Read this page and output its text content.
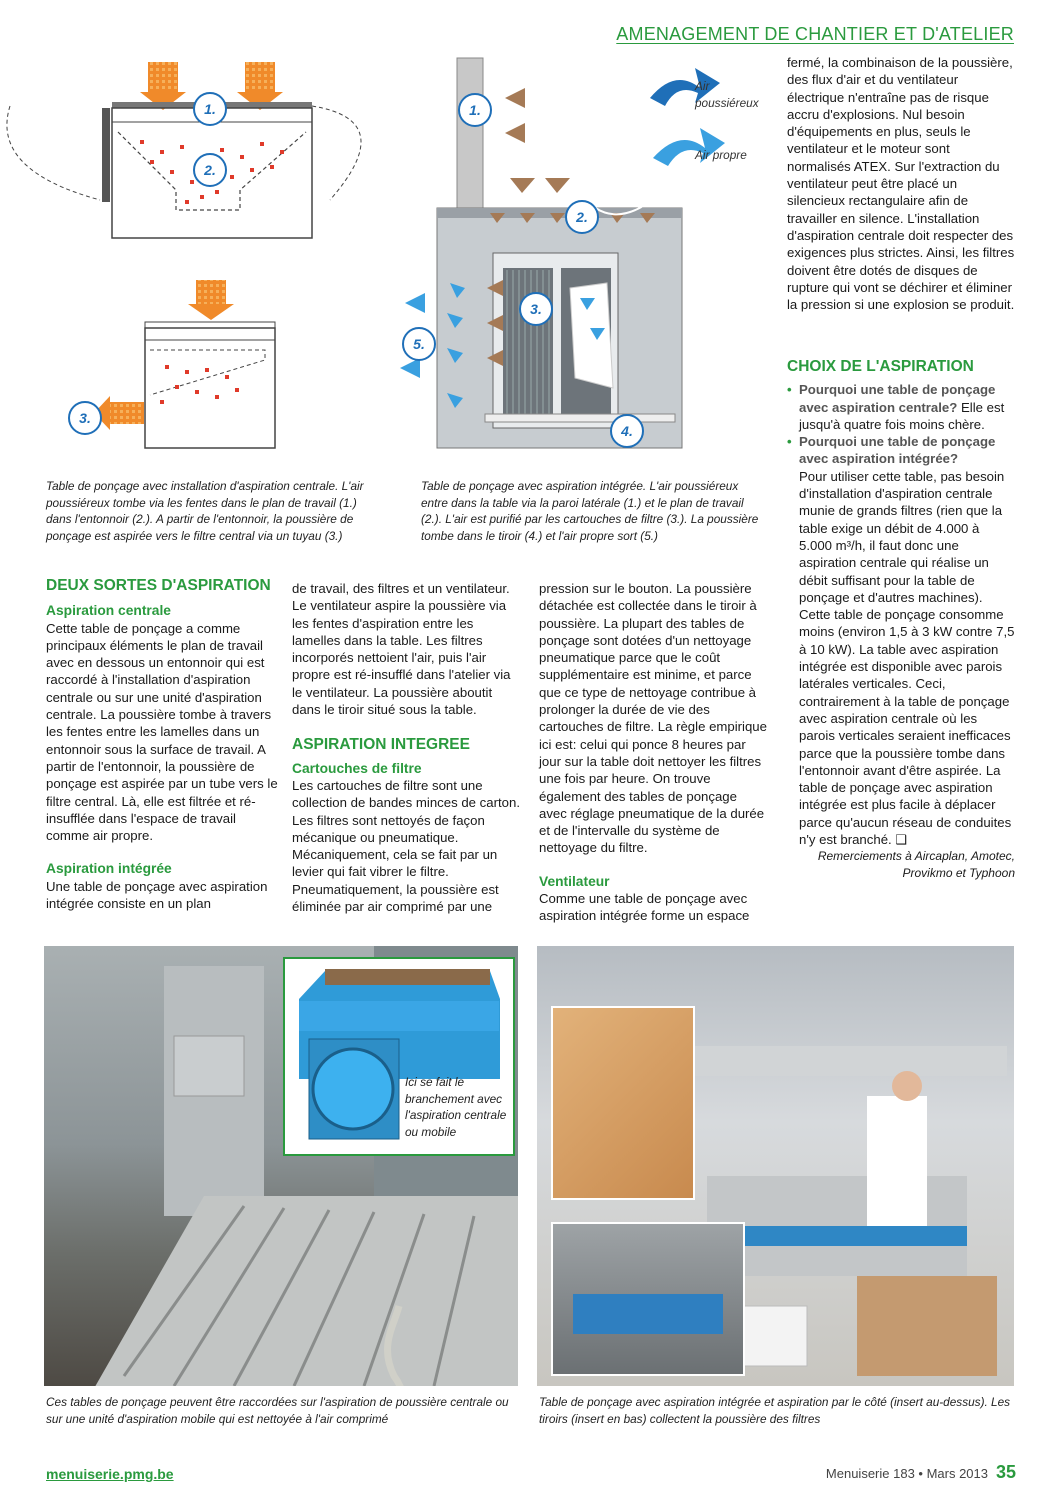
AMENAGEMENT DE CHANTIER ET D'ATELIER
1.
2.
3.
Air poussiéreux
Air propre
1.
2.
3.
4.
5.
Table de ponçage avec installation d'aspiration centrale. L'air poussiéreux tombe via les fentes dans le plan de travail (1.) dans l'entonnoir (2.). A partir de l'entonnoir, la poussière de ponçage est aspirée vers le filtre central via un tuyau (3.)
Table de ponçage avec aspiration intégrée. L'air poussiéreux entre dans la table via la paroi latérale (1.) et le plan de travail (2.). L'air est purifié par les cartouches de filtre (3.). La poussière tombe dans le tiroir (4.) et l'air propre sort (5.)
fermé, la combinaison de la poussière, des flux d'air et du ventilateur électrique n'entraîne pas de risque accru d'explosions. Nul besoin d'équipements en plus, seuls le ventilateur et le moteur sont normalisés ATEX. Sur l'extraction du ventilateur peut être placé un silencieux rectangulaire afin de travailler en silence. L'installation d'aspiration centrale doit respecter des exigences plus strictes. Ainsi, les filtres doivent être dotés de disques de rupture qui vont se déchirer et éliminer la pression si une explosion se produit.
CHOIX DE L'ASPIRATION
• Pourquoi une table de ponçage avec aspiration centrale? Elle est jusqu'à quatre fois moins chère.
• Pourquoi une table de ponçage avec aspiration intégrée?
Pour utiliser cette table, pas besoin d'installation d'aspiration centrale munie de grands filtres (rien que la table exige un débit de 4.000 à 5.000 m³/h, il faut donc une aspiration centrale qui réalise un débit suffisant pour la table de ponçage et d'autres machines). Cette table de ponçage consomme moins (environ 1,5 à 3 kW contre 7,5 à 10 kW). La table avec aspiration intégrée est disponible avec parois latérales verticales. Ceci, contrairement à la table de ponçage avec aspiration centrale où les parois verticales seraient inefficaces parce que la poussière tombe dans l'entonnoir avant d'être aspirée. La table de ponçage avec aspiration intégrée est plus facile à déplacer parce qu'aucun réseau de conduites n'y est branché. ❑
Remerciements à Aircaplan, Amotec, Provikmo et Typhoon
DEUX SORTES D'ASPIRATION
Aspiration centrale

Cette table de ponçage a comme principaux éléments le plan de travail avec en dessous un entonnoir qui est raccordé à l'installation d'aspiration centrale ou sur une unité d'aspiration centrale. La poussière tombe à travers les fentes entre les lamelles dans un entonnoir sous la surface de travail. A partir de l'entonnoir, la poussière de ponçage est aspirée par un tube vers le filtre central. Là, elle est filtrée et ré-insufflée dans l'espace de travail comme air propre.

Aspiration intégrée

Une table de ponçage avec aspiration intégrée consiste en un plan

de travail, des filtres et un ventilateur. Le ventilateur aspire la poussière via les fentes d'aspiration entre les lamelles dans la table. Les filtres incorporés nettoient l'air, puis l'air propre est ré-insufflé dans l'atelier via le ventilateur. La poussière aboutit dans le tiroir situé sous la table.

ASPIRATION INTEGREE
Cartouches de filtre

Les cartouches de filtre sont une collection de bandes minces de carton. Les filtres sont nettoyés de façon mécanique ou pneumatique. Mécaniquement, cela se fait par un levier qui fait vibrer le filtre. Pneumatiquement, la poussière est éliminée par air comprimé par une

pression sur le bouton. La poussière détachée est collectée dans le tiroir à poussière. La plupart des tables de ponçage sont dotées d'un nettoyage pneumatique parce que le coût supplémentaire est minime, et parce que ce type de nettoyage contribue à prolonger la durée de vie des cartouches de filtre. La règle empirique ici est: celui qui ponce 8 heures par jour sur la table doit nettoyer les filtres une fois par heure. On trouve également des tables de ponçage avec réglage pneumatique de la durée et de l'intervalle du système de nettoyage du filtre.

Ventilateur

Comme une table de ponçage avec aspiration intégrée forme un espace

Ici se fait le branchement avec l'aspiration centrale ou mobile
Ces tables de ponçage peuvent être raccordées sur l'aspiration de poussière centrale ou sur une unité d'aspiration mobile qui est nettoyée à l'air comprimé
Table de ponçage avec aspiration intégrée et aspiration par le côté (insert au-dessus). Les tiroirs (insert en bas) collectent la poussière des filtres
menuiserie.pmg.be	Menuiserie 183 • Mars 2013 35
